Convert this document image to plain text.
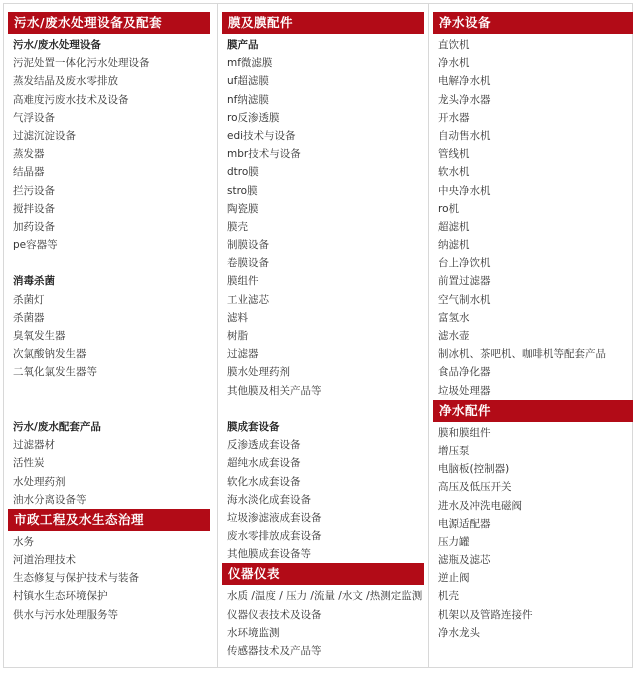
污水/废水处理设备及配套
污水/废水处理设备
污泥处置一体化污水处理设备
蒸发结晶及废水零排放
高难度污废水技术及设备
气浮设备
过滤沉淀设备
蒸发器
结晶器
拦污设备
搅拌设备
加药设备
pe容器等
消毒杀菌
杀菌灯
杀菌器
臭氧发生器
次氯酸钠发生器
二氧化氯发生器等
污水/废水配套产品
过滤器材
活性炭
水处理药剂
油水分离设备等
市政工程及水生态治理
水务
河道治理技术
生态修复与保护技术与装备
村镇水生态环境保护
供水与污水处理服务等
膜及膜配件
膜产品
mf微滤膜
uf超滤膜
nf纳滤膜
ro反渗透膜
edi技术与设备
mbr技术与设备
dtro膜
stro膜
陶瓷膜
膜壳
制膜设备
卷膜设备
膜组件
工业滤芯
滤料
树脂
过滤器
膜水处理药剂
其他膜及相关产品等
膜成套设备
反渗透成套设备
超纯水成套设备
软化水成套设备
海水淡化成套设备
垃圾渗滤液成套设备
废水零排放成套设备
其他膜成套设备等
仪器仪表
水质 /温度 / 压力 /流量 /水文 /热测定监测
仪器仪表技术及设备
水环境监测
传感器技术及产品等
净水设备
直饮机
净水机
电解净水机
龙头净水器
开水器
自动售水机
管线机
软水机
中央净水机
ro机
超滤机
纳滤机
台上净饮机
前置过滤器
空气制水机
富氢水
滤水壶
制冰机、茶吧机、咖啡机等配套产品
食品净化器
垃圾处理器
净水配件
膜和膜组件
增压泵
电脑板(控制器)
高压及低压开关
进水及冲洗电磁阀
电源适配器
压力罐
滤瓶及滤芯
逆止阀
机壳
机架以及管路连接件
净水龙头
